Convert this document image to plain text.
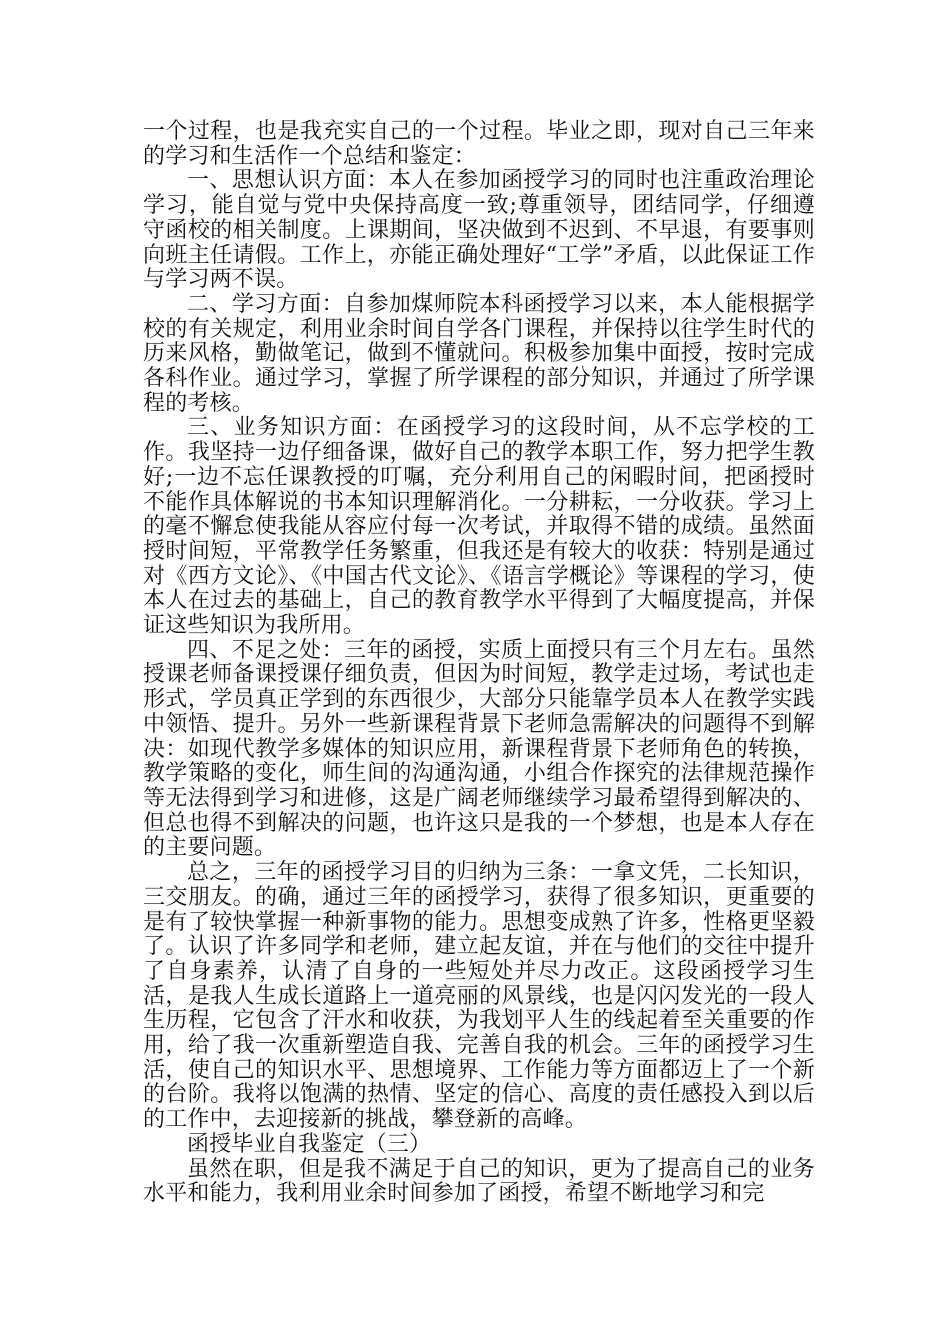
一个过程，也是我充实自己的一个过程。毕业之即，现对自己三年来的学习和生活作一个总结和鉴定：

一、思想认识方面：本人在参加函授学习的同时也注重政治理论学习，能自觉与党中央保持高度一致;尊重领导，团结同学，仔细遵守函校的相关制度。上课期间，坚决做到不迟到、不早退，有要事则向班主任请假。工作上，亦能正确处理好“工学”矛盾，以此保证工作与学习两不误。

二、学习方面：自参加煤师院本科函授学习以来，本人能根据学校的有关规定，利用业余时间自学各门课程，并保持以往学生时代的历来风格，勤做笔记，做到不懂就问。积极参加集中面授，按时完成各科作业。通过学习，掌握了所学课程的部分知识，并通过了所学课程的考核。

三、业务知识方面：在函授学习的这段时间，从不忘学校的工作。我坚持一边仔细备课，做好自己的教学本职工作，努力把学生教好;一边不忘任课教授的叮嘱，充分利用自己的闲暇时间，把函授时不能作具体解说的书本知识理解消化。一分耕耘，一分收获。学习上的毫不懈怠使我能从容应付每一次考试，并取得不错的成绩。虽然面授时间短，平常教学任务繁重，但我还是有较大的收获：特别是通过对《西方文论》、《中国古代文论》、《语言学概论》等课程的学习，使本人在过去的基础上，自己的教育教学水平得到了大幅度提高，并保证这些知识为我所用。

四、不足之处：三年的函授，实质上面授只有三个月左右。虽然授课老师备课授课仔细负责，但因为时间短，教学走过场，考试也走形式，学员真正学到的东西很少，大部分只能靠学员本人在教学实践中领悟、提升。另外一些新课程背景下老师急需解决的问题得不到解决：如现代教学多媒体的知识应用，新课程背景下老师角色的转换，教学策略的变化，师生间的沟通沟通，小组合作探究的法律规范操作等无法得到学习和进修，这是广阔老师继续学习最希望得到解决的、但总也得不到解决的问题，也许这只是我的一个梦想，也是本人存在的主要问题。

总之，三年的函授学习目的归纳为三条：一拿文凭，二长知识，三交朋友。的确，通过三年的函授学习，获得了很多知识，更重要的是有了较快掌握一种新事物的能力。思想变成熟了许多，性格更坚毅了。认识了许多同学和老师，建立起友谊，并在与他们的交往中提升了自身素养，认清了自身的一些短处并尽力改正。这段函授学习生活，是我人生成长道路上一道亮丽的风景线，也是闪闪发光的一段人生历程，它包含了汗水和收获，为我划平人生的线起着至关重要的作用，给了我一次重新塑造自我、完善自我的机会。三年的函授学习生活，使自己的知识水平、思想境界、工作能力等方面都迈上了一个新的台阶。我将以饱满的热情、坚定的信心、高度的责任感投入到以后的工作中，去迎接新的挑战，攀登新的高峰。

函授毕业自我鉴定（三）

虽然在职，但是我不满足于自己的知识，更为了提高自己的业务水平和能力，我利用业余时间参加了函授，希望不断地学习和完
